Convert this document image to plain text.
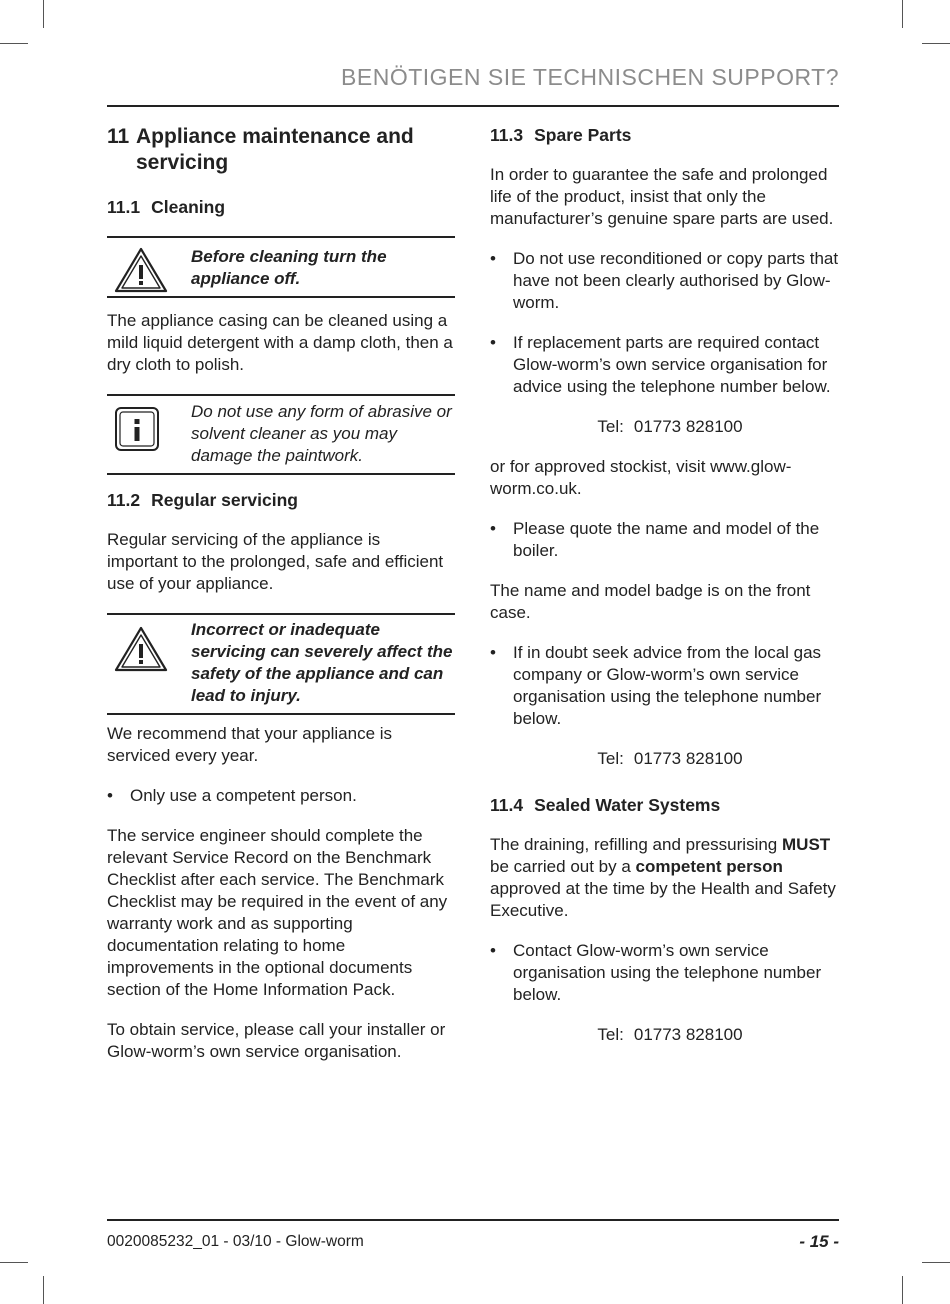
BENÖTIGEN SIE TECHNISCHEN SUPPORT?
11 Appliance maintenance and servicing
11.1 Cleaning
Before cleaning turn the appliance off.

The appliance casing can be cleaned using a mild liquid detergent with a damp cloth, then a dry cloth to polish.

Do not use any form of abrasive or solvent cleaner as you may damage the paintwork.
11.2 Regular servicing

Regular servicing of the appliance is important to the prolonged, safe and efficient use of your appliance.

Incorrect or inadequate servicing can severely affect the safety of the appliance and can lead to injury.

We recommend that your appliance is serviced every year.

•	Only use a competent person.

The service engineer should complete the relevant Service Record on the Benchmark Checklist after each service. The Benchmark Checklist may be required in the event of any warranty work and as supporting documentation relating to home improvements in the optional documents section of the Home Information Pack.

To obtain service, please call your installer or Glow-worm’s own service organisation.

11.3 Spare Parts

In order to guarantee the safe and prolonged life of the product, insist that only the manufacturer’s genuine spare parts are used.

•	Do not use reconditioned or copy parts that have not been clearly authorised by Glow-worm.
•	If replacement parts are required contact Glow-worm’s own service organisation for advice using the telephone number below.
Tel: 01773 828100

or for approved stockist, visit www.glow-worm.co.uk.

•	Please quote the name and model of the boiler.

The name and model badge is on the front case.

•	If in doubt seek advice from the local gas company or Glow-worm’s own service organisation using the telephone number below.
Tel: 01773 828100
11.4 Sealed Water Systems

The draining, refilling and pressurising MUST be carried out by a competent person approved at the time by the Health and Safety Executive.

•	Contact Glow-worm’s own service organisation using the telephone number below.
Tel: 01773 828100
0020085232_01 - 03/10 - Glow-worm	- 15 -
